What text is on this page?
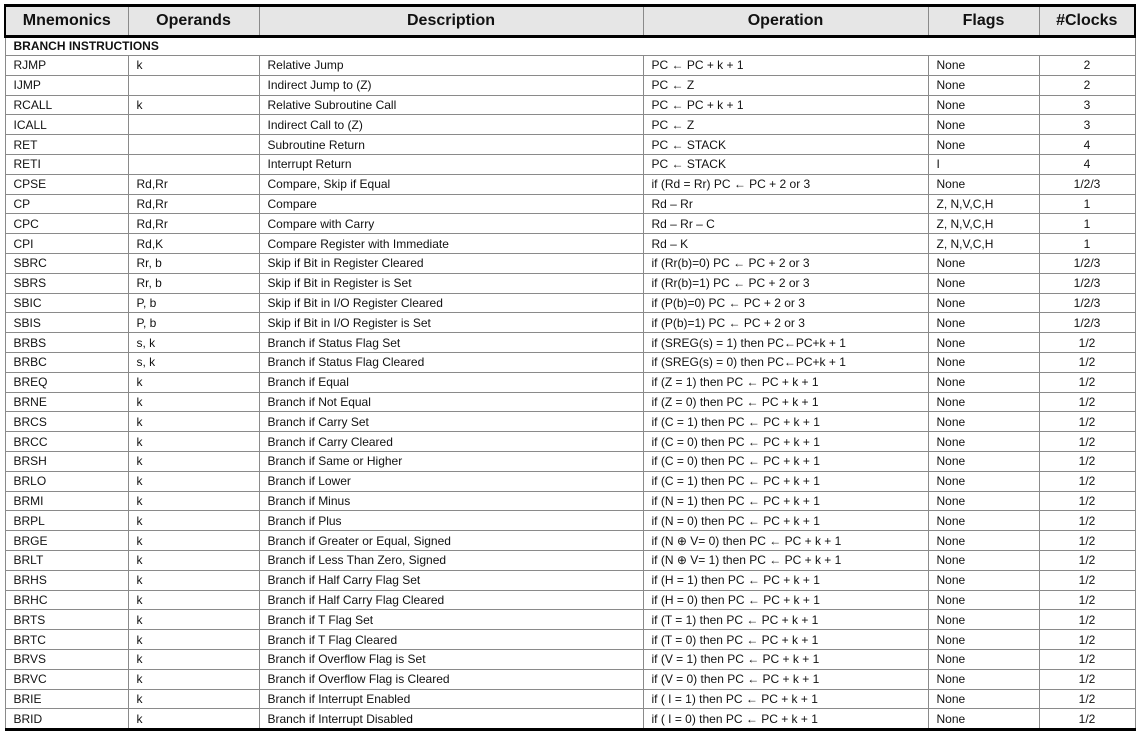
Mnemonics	Operands	Description	Operation	Flags	#Clocks
BRANCH INSTRUCTIONS					
RJMP	k	Relative Jump	PC ← PC + k + 1	None	2
IJMP		Indirect Jump to (Z)	PC ← Z	None	2
RCALL	k	Relative Subroutine Call	PC ← PC + k + 1	None	3
ICALL		Indirect Call to (Z)	PC ← Z	None	3
RET		Subroutine Return	PC ← STACK	None	4
RETI		Interrupt Return	PC ← STACK	I	4
CPSE	Rd,Rr	Compare, Skip if Equal	if (Rd = Rr) PC ← PC + 2 or 3	None	1/2/3
CP	Rd,Rr	Compare	Rd – Rr	Z, N,V,C,H	1
CPC	Rd,Rr	Compare with Carry	Rd – Rr – C	Z, N,V,C,H	1
CPI	Rd,K	Compare Register with Immediate	Rd – K	Z, N,V,C,H	1
SBRC	Rr, b	Skip if Bit in Register Cleared	if (Rr(b)=0) PC ← PC + 2 or 3	None	1/2/3
SBRS	Rr, b	Skip if Bit in Register is Set	if (Rr(b)=1) PC ← PC + 2 or 3	None	1/2/3
SBIC	P, b	Skip if Bit in I/O Register Cleared	if (P(b)=0) PC ← PC + 2 or 3	None	1/2/3
SBIS	P, b	Skip if Bit in I/O Register is Set	if (P(b)=1) PC ← PC + 2 or 3	None	1/2/3
BRBS	s, k	Branch if Status Flag Set	if (SREG(s) = 1) then PC←PC+k + 1	None	1/2
BRBC	s, k	Branch if Status Flag Cleared	if (SREG(s) = 0) then PC←PC+k + 1	None	1/2
BREQ	k	Branch if Equal	if (Z = 1) then PC ← PC + k + 1	None	1/2
BRNE	k	Branch if Not Equal	if (Z = 0) then PC ← PC + k + 1	None	1/2
BRCS	k	Branch if Carry Set	if (C = 1) then PC ← PC + k + 1	None	1/2
BRCC	k	Branch if Carry Cleared	if (C = 0) then PC ← PC + k + 1	None	1/2
BRSH	k	Branch if Same or Higher	if (C = 0) then PC ← PC + k + 1	None	1/2
BRLO	k	Branch if Lower	if (C = 1) then PC ← PC + k + 1	None	1/2
BRMI	k	Branch if Minus	if (N = 1) then PC ← PC + k + 1	None	1/2
BRPL	k	Branch if Plus	if (N = 0) then PC ← PC + k + 1	None	1/2
BRGE	k	Branch if Greater or Equal, Signed	if (N ⊕ V= 0) then PC ← PC + k + 1	None	1/2
BRLT	k	Branch if Less Than Zero, Signed	if (N ⊕ V= 1) then PC ← PC + k + 1	None	1/2
BRHS	k	Branch if Half Carry Flag Set	if (H = 1) then PC ← PC + k + 1	None	1/2
BRHC	k	Branch if Half Carry Flag Cleared	if (H = 0) then PC ← PC + k + 1	None	1/2
BRTS	k	Branch if T Flag Set	if (T = 1) then PC ← PC + k + 1	None	1/2
BRTC	k	Branch if T Flag Cleared	if (T = 0) then PC ← PC + k + 1	None	1/2
BRVS	k	Branch if Overflow Flag is Set	if (V = 1) then PC ← PC + k + 1	None	1/2
BRVC	k	Branch if Overflow Flag is Cleared	if (V = 0) then PC ← PC + k + 1	None	1/2
BRIE	k	Branch if Interrupt Enabled	if ( I = 1) then PC ← PC + k + 1	None	1/2
BRID	k	Branch if Interrupt Disabled	if ( I = 0) then PC ← PC + k + 1	None	1/2
